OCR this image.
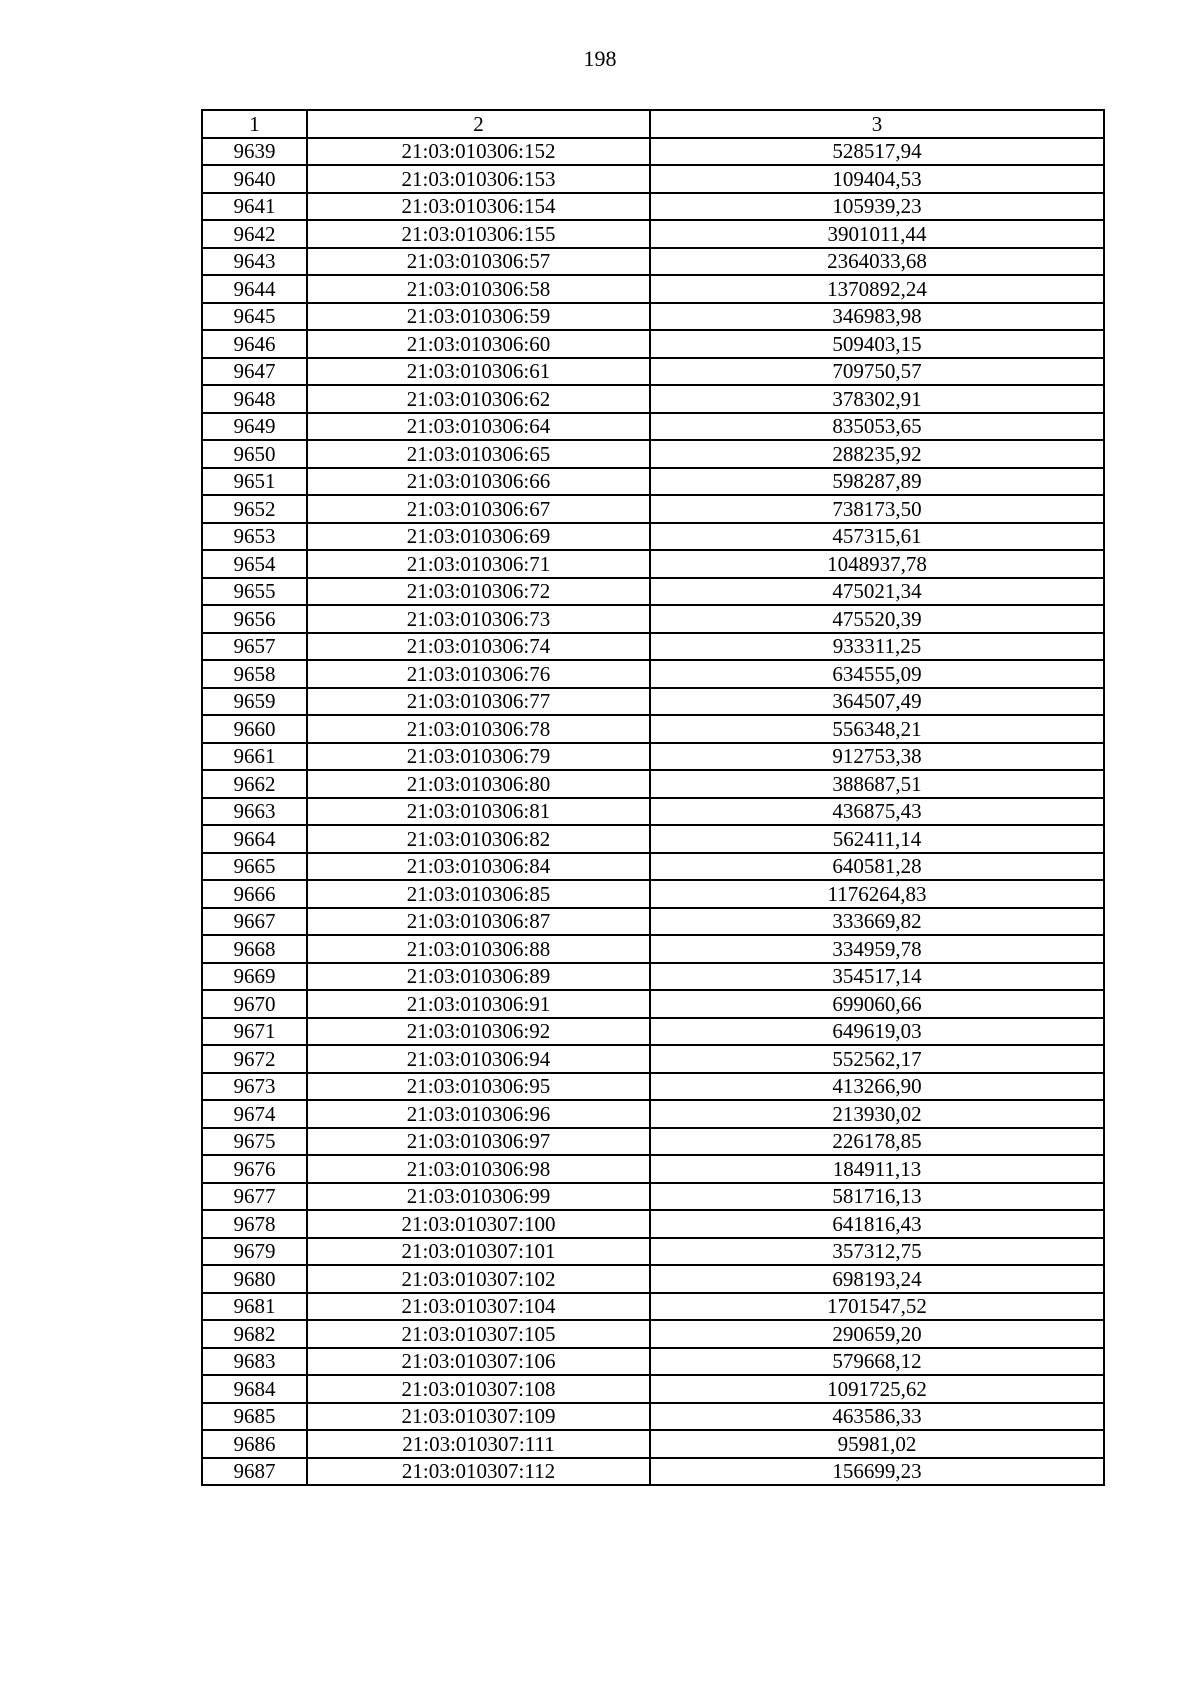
198
1	2	3
9639	21:03:010306:152	528517,94
9640	21:03:010306:153	109404,53
9641	21:03:010306:154	105939,23
9642	21:03:010306:155	3901011,44
9643	21:03:010306:57	2364033,68
9644	21:03:010306:58	1370892,24
9645	21:03:010306:59	346983,98
9646	21:03:010306:60	509403,15
9647	21:03:010306:61	709750,57
9648	21:03:010306:62	378302,91
9649	21:03:010306:64	835053,65
9650	21:03:010306:65	288235,92
9651	21:03:010306:66	598287,89
9652	21:03:010306:67	738173,50
9653	21:03:010306:69	457315,61
9654	21:03:010306:71	1048937,78
9655	21:03:010306:72	475021,34
9656	21:03:010306:73	475520,39
9657	21:03:010306:74	933311,25
9658	21:03:010306:76	634555,09
9659	21:03:010306:77	364507,49
9660	21:03:010306:78	556348,21
9661	21:03:010306:79	912753,38
9662	21:03:010306:80	388687,51
9663	21:03:010306:81	436875,43
9664	21:03:010306:82	562411,14
9665	21:03:010306:84	640581,28
9666	21:03:010306:85	1176264,83
9667	21:03:010306:87	333669,82
9668	21:03:010306:88	334959,78
9669	21:03:010306:89	354517,14
9670	21:03:010306:91	699060,66
9671	21:03:010306:92	649619,03
9672	21:03:010306:94	552562,17
9673	21:03:010306:95	413266,90
9674	21:03:010306:96	213930,02
9675	21:03:010306:97	226178,85
9676	21:03:010306:98	184911,13
9677	21:03:010306:99	581716,13
9678	21:03:010307:100	641816,43
9679	21:03:010307:101	357312,75
9680	21:03:010307:102	698193,24
9681	21:03:010307:104	1701547,52
9682	21:03:010307:105	290659,20
9683	21:03:010307:106	579668,12
9684	21:03:010307:108	1091725,62
9685	21:03:010307:109	463586,33
9686	21:03:010307:111	95981,02
9687	21:03:010307:112	156699,23
